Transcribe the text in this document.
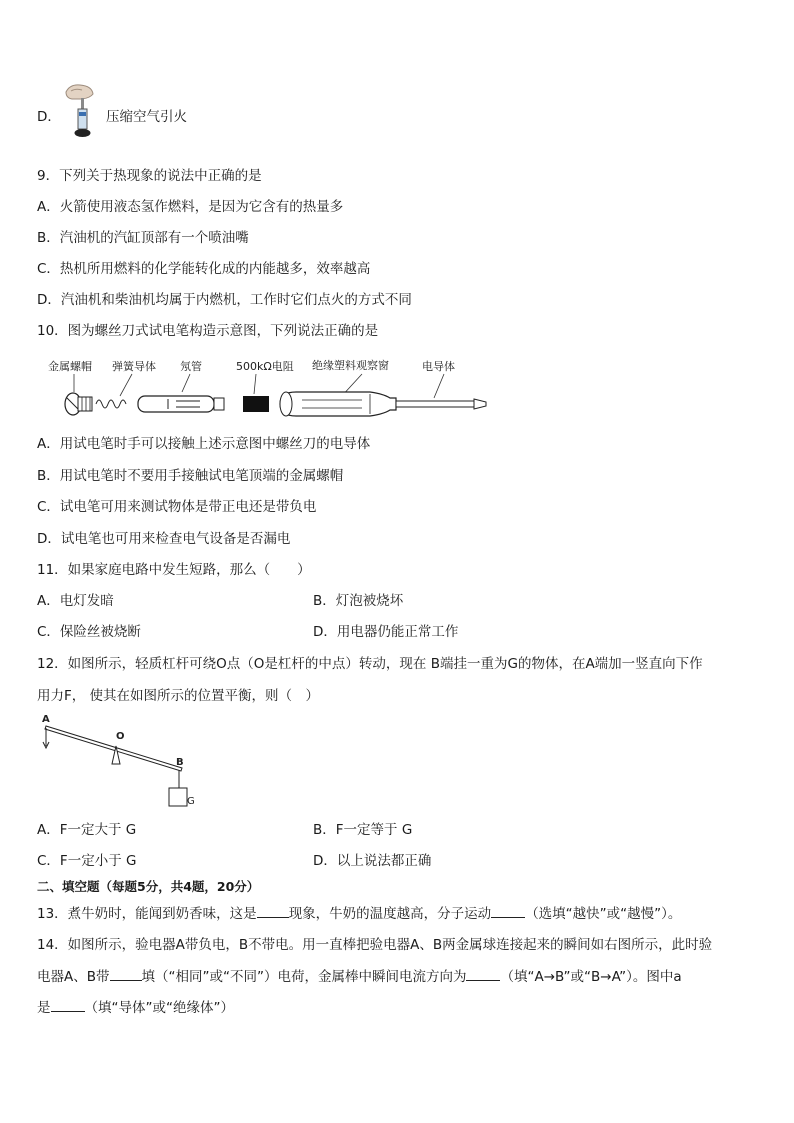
D．	压缩空气引火
9．下列关于热现象的说法中正确的是
A．火箭使用液态氢作燃料，是因为它含有的热量多
B．汽油机的汽缸顶部有一个喷油嘴
C．热机所用燃料的化学能转化成的内能越多，效率越高
D．汽油机和柴油机均属于内燃机，工作时它们点火的方式不同
10．图为螺丝刀式试电笔构造示意图，下列说法正确的是
金属螺帽 弹簧导体 氖管	500kΩ电阻 绝缘塑料观察窗	电导体
A．用试电笔时手可以接触上述示意图中螺丝刀的电导体
B．用试电笔时不要用手接触试电笔顶端的金属螺帽
C．试电笔可用来测试物体是带正电还是带负电
D．试电笔也可用来检查电气设备是否漏电
11．如果家庭电路中发生短路，那么（　　）
A．电灯发暗	B．灯泡被烧坏
C．保险丝被烧断	D．用电器仍能正常工作
12．如图所示，轻质杠杆可绕O点（O是杠杆的中点）转动，现在 B端挂一重为G的物体，在A端加一竖直向下作
用力F， 使其在如图所示的位置平衡，则（　）
A
O
B
G
A．F一定大于 G	B．F一定等于 G
C．F一定小于 G	D．以上说法都正确
二、填空题（每题5分，共4题，20分）
13．煮牛奶时，能闻到奶香味，这是 现象，牛奶的温度越高，分子运动	（选填“越快”或“越慢”）。
14．如图所示，验电器A带负电，B不带电。用一直棒把验电器A、B两金属球连接起来的瞬间如右图所示，此时验
电器A、B带 填（“相同”或“不同”）电荷，金属棒中瞬间电流方向为	（填“A→B”或“B→A”）。图中a
是	（填“导体”或“绝缘体”）
